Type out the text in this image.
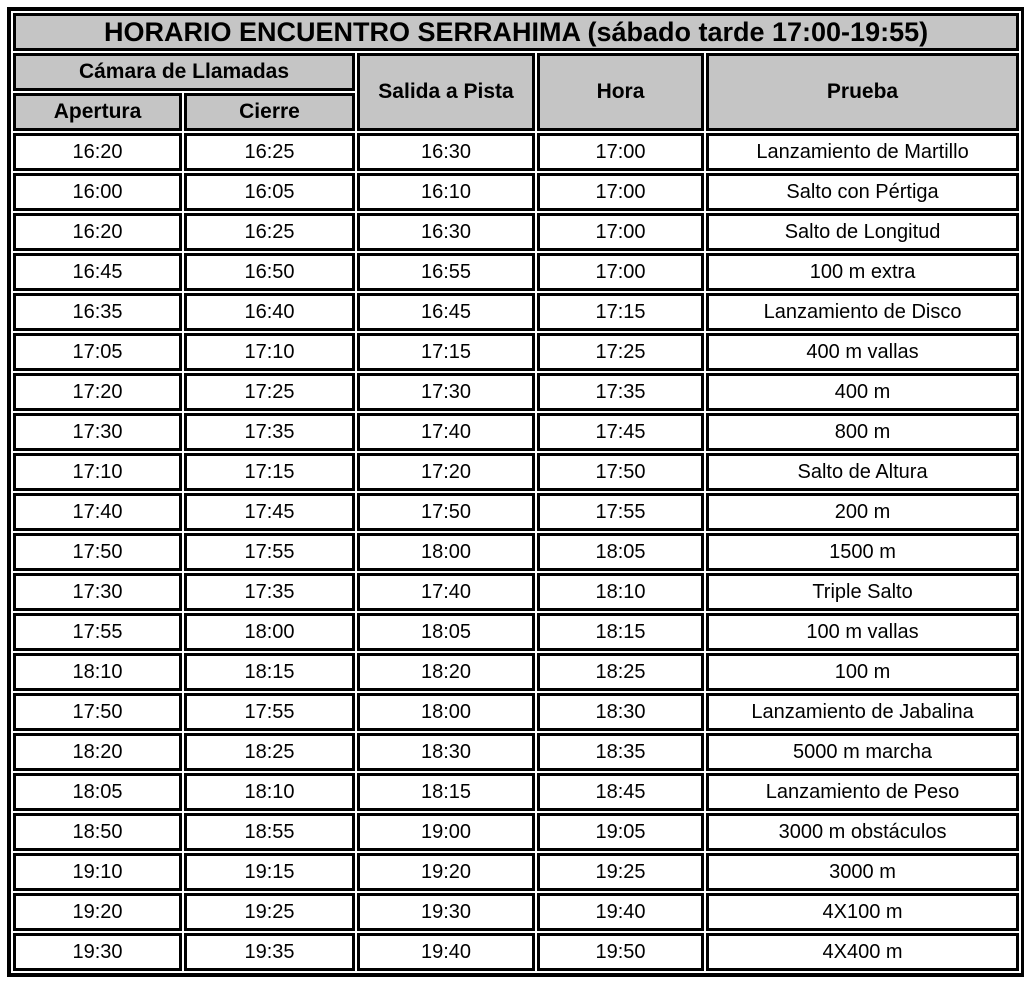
HORARIO ENCUENTRO SERRAHIMA (sábado tarde 17:00-19:55)				
Cámara de Llamadas		Salida a Pista	Hora	Prueba
Apertura	Cierre			
16:20	16:25	16:30	17:00	Lanzamiento de Martillo
16:00	16:05	16:10	17:00	Salto con Pértiga
16:20	16:25	16:30	17:00	Salto de Longitud
16:45	16:50	16:55	17:00	100 m extra
16:35	16:40	16:45	17:15	Lanzamiento de Disco
17:05	17:10	17:15	17:25	400 m vallas
17:20	17:25	17:30	17:35	400 m
17:30	17:35	17:40	17:45	800 m
17:10	17:15	17:20	17:50	Salto de Altura
17:40	17:45	17:50	17:55	200 m
17:50	17:55	18:00	18:05	1500 m
17:30	17:35	17:40	18:10	Triple Salto
17:55	18:00	18:05	18:15	100 m vallas
18:10	18:15	18:20	18:25	100 m
17:50	17:55	18:00	18:30	Lanzamiento de Jabalina
18:20	18:25	18:30	18:35	5000 m marcha
18:05	18:10	18:15	18:45	Lanzamiento de Peso
18:50	18:55	19:00	19:05	3000 m obstáculos
19:10	19:15	19:20	19:25	3000 m
19:20	19:25	19:30	19:40	4X100 m
19:30	19:35	19:40	19:50	4X400 m
